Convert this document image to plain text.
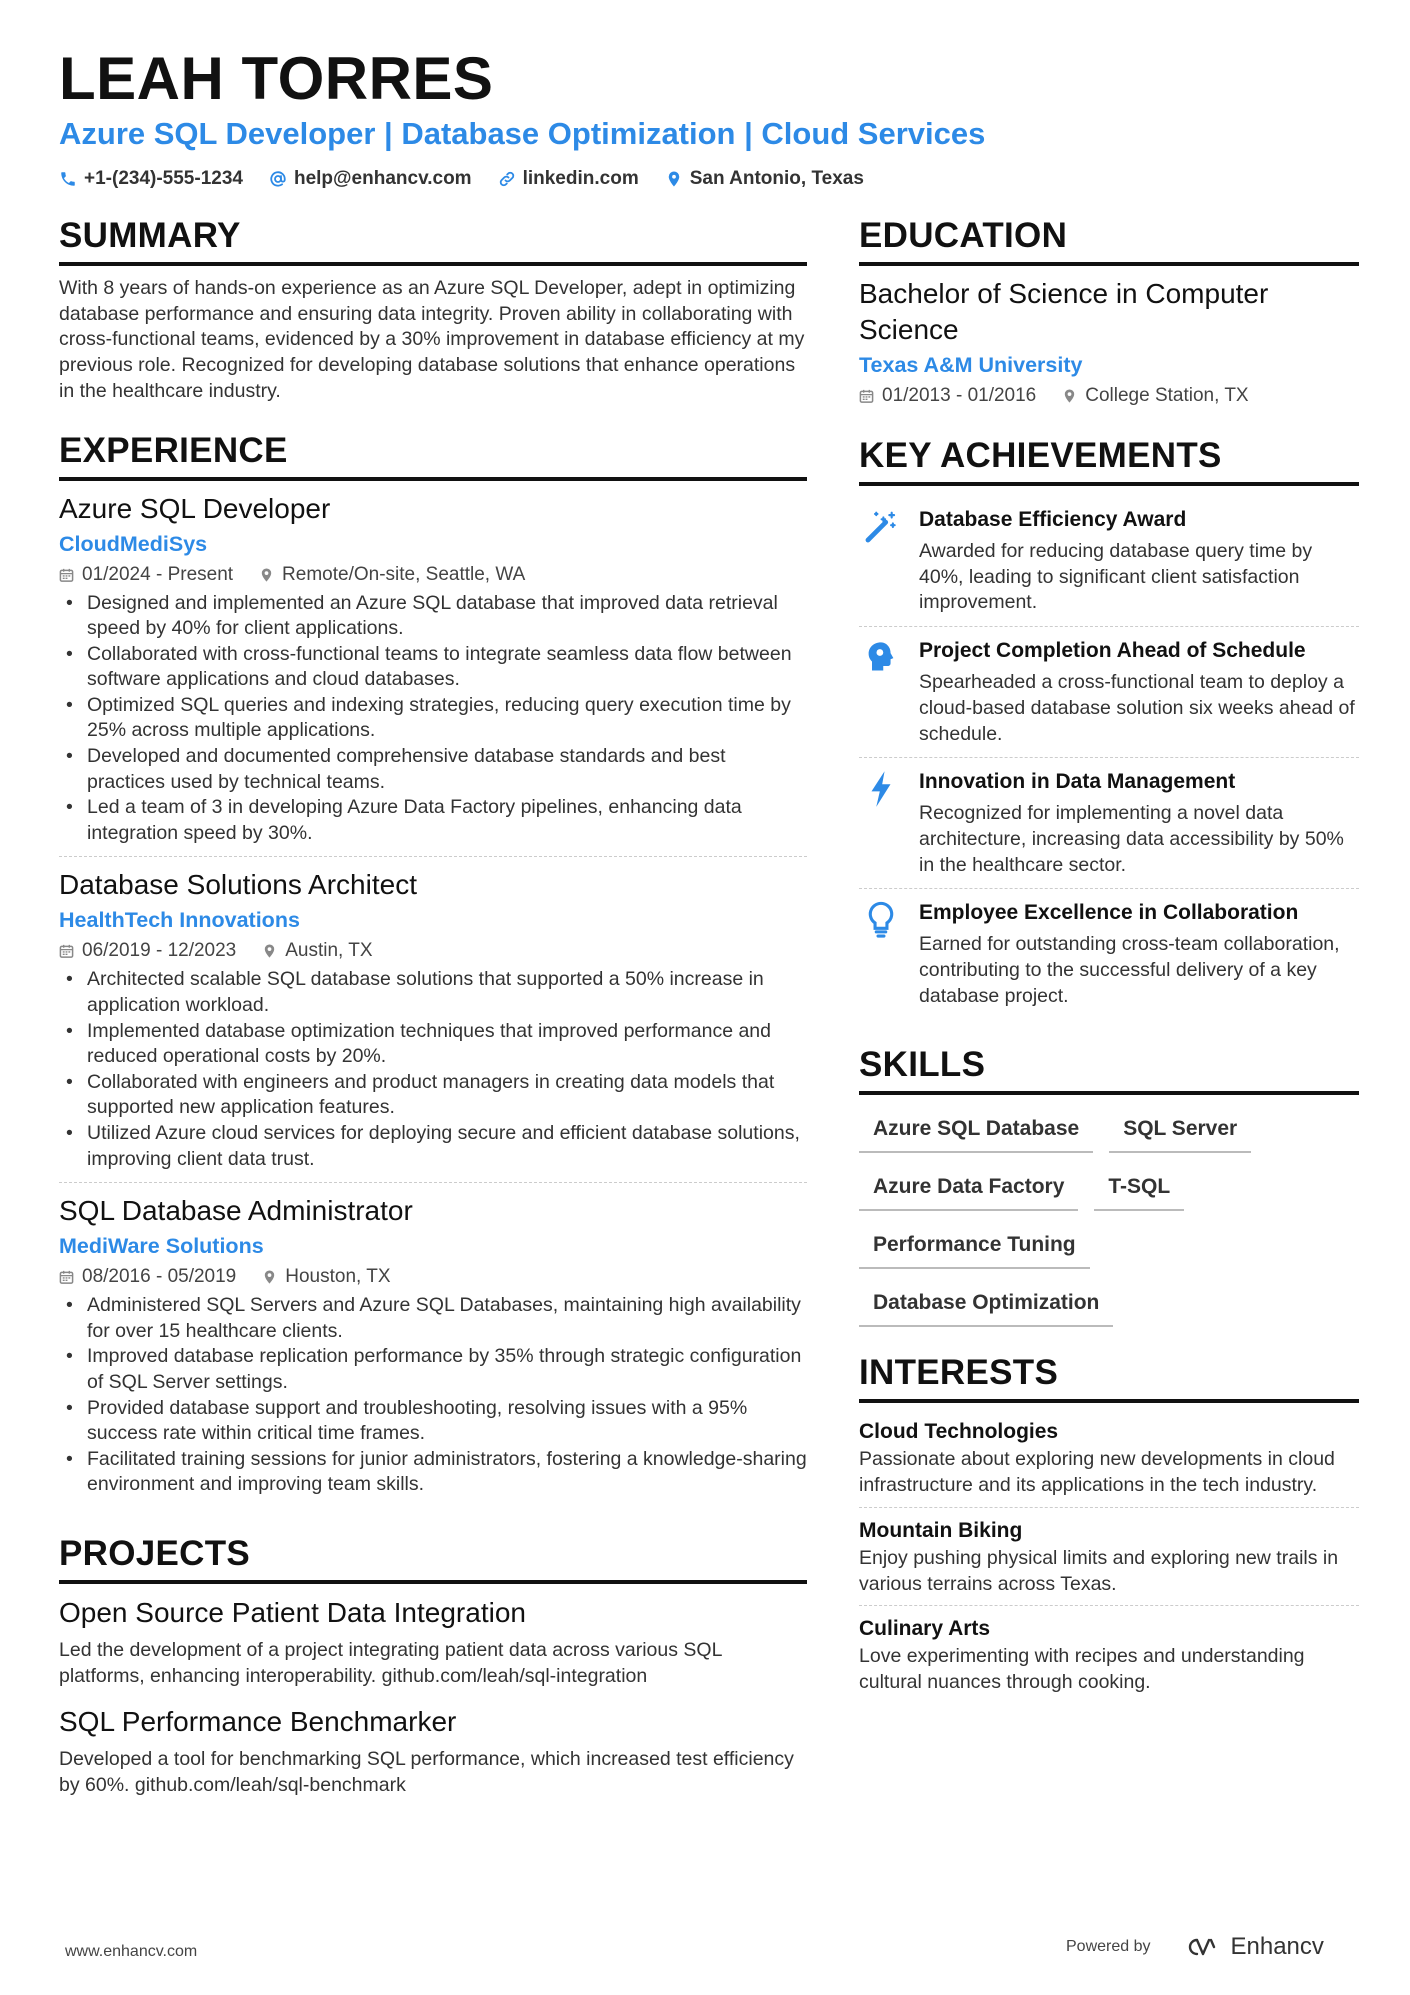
LEAH TORRES
Azure SQL Developer | Database Optimization | Cloud Services
+1-(234)-555-1234	help@enhancv.com	linkedin.com	San Antonio, Texas
SUMMARY
With 8 years of hands-on experience as an Azure SQL Developer, adept in optimizing database performance and ensuring data integrity. Proven ability in collaborating with cross-functional teams, evidenced by a 30% improvement in database efficiency at my previous role. Recognized for developing database solutions that enhance operations in the healthcare industry.
EXPERIENCE
Azure SQL Developer
CloudMediSys
01/2024 - Present	Remote/On-site, Seattle, WA
• Designed and implemented an Azure SQL database that improved data retrieval speed by 40% for client applications.
• Collaborated with cross-functional teams to integrate seamless data flow between software applications and cloud databases.
• Optimized SQL queries and indexing strategies, reducing query execution time by 25% across multiple applications.
• Developed and documented comprehensive database standards and best practices used by technical teams.
• Led a team of 3 in developing Azure Data Factory pipelines, enhancing data integration speed by 30%.
Database Solutions Architect
HealthTech Innovations
06/2019 - 12/2023	Austin, TX
• Architected scalable SQL database solutions that supported a 50% increase in application workload.
• Implemented database optimization techniques that improved performance and reduced operational costs by 20%.
• Collaborated with engineers and product managers in creating data models that supported new application features.
• Utilized Azure cloud services for deploying secure and efficient database solutions, improving client data trust.
SQL Database Administrator
MediWare Solutions
08/2016 - 05/2019	Houston, TX
• Administered SQL Servers and Azure SQL Databases, maintaining high availability for over 15 healthcare clients.
• Improved database replication performance by 35% through strategic configuration of SQL Server settings.
• Provided database support and troubleshooting, resolving issues with a 95% success rate within critical time frames.
• Facilitated training sessions for junior administrators, fostering a knowledge-sharing environment and improving team skills.
PROJECTS
Open Source Patient Data Integration
Led the development of a project integrating patient data across various SQL platforms, enhancing interoperability. github.com/leah/sql-integration
SQL Performance Benchmarker
Developed a tool for benchmarking SQL performance, which increased test efficiency by 60%. github.com/leah/sql-benchmark
EDUCATION
Bachelor of Science in Computer Science
Texas A&M University
01/2013 - 01/2016	College Station, TX
KEY ACHIEVEMENTS
Database Efficiency Award
Awarded for reducing database query time by 40%, leading to significant client satisfaction improvement.
Project Completion Ahead of Schedule
Spearheaded a cross-functional team to deploy a cloud-based database solution six weeks ahead of schedule.
Innovation in Data Management
Recognized for implementing a novel data architecture, increasing data accessibility by 50% in the healthcare sector.
Employee Excellence in Collaboration
Earned for outstanding cross-team collaboration, contributing to the successful delivery of a key database project.
SKILLS
Azure SQL Database	SQL Server
Azure Data Factory	T-SQL
Performance Tuning
Database Optimization
INTERESTS
Cloud Technologies
Passionate about exploring new developments in cloud infrastructure and its applications in the tech industry.
Mountain Biking
Enjoy pushing physical limits and exploring new trails in various terrains across Texas.
Culinary Arts
Love experimenting with recipes and understanding cultural nuances through cooking.
www.enhancv.com	Powered by	Enhancv
